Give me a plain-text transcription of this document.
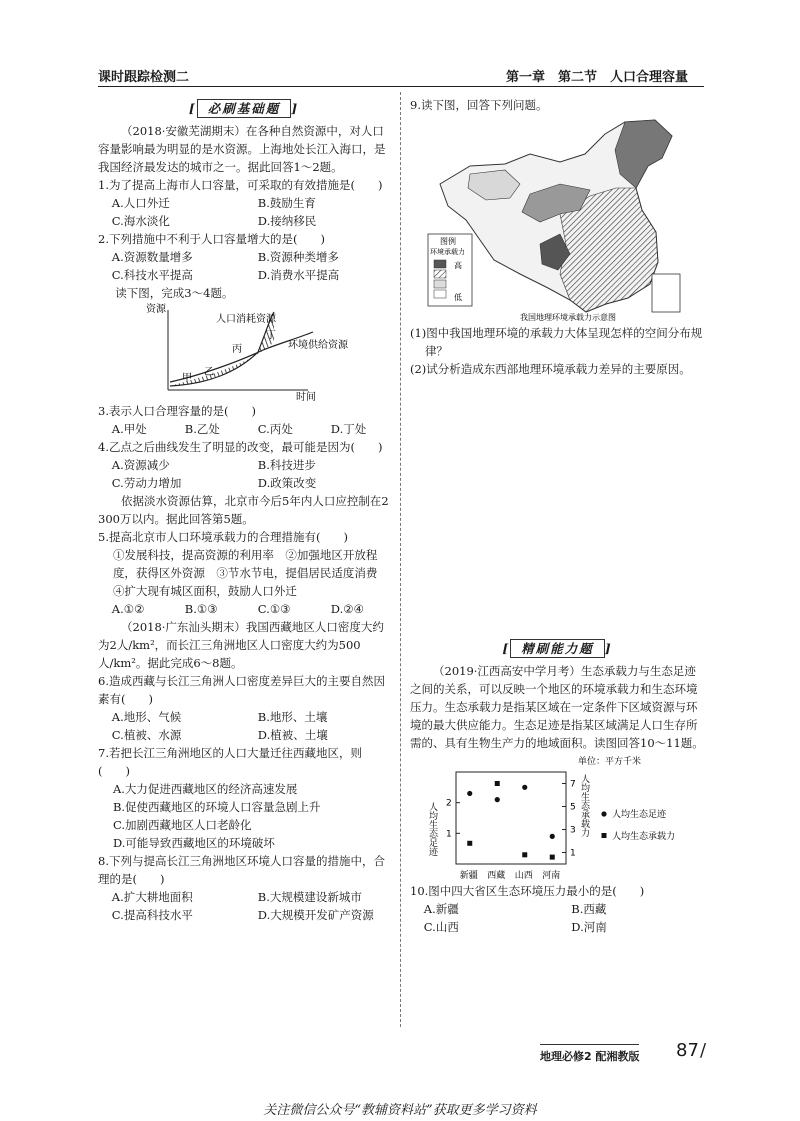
课时跟踪检测二	第一章　第二节　人口合理容量
[ 必刷基础题 ]
（2018·安徽芜湖期末）在各种自然资源中，对人口容量影响最为明显的是水资源。上海地处长江入海口，是我国经济最发达的城市之一。据此回答1～2题。
1.为了提高上海市人口容量，可采取的有效措施是(　　)
A.人口外迁	B.鼓励生育
C.海水淡化	D.接纳移民
2.下列措施中不利于人口容量增大的是(　　)
A.资源数量增多	B.资源种类增多
C.科技水平提高	D.消费水平提高
读下图，完成3～4题。
资源
时间
人口消耗资源
环境供给资源
甲
乙
丙
丁
3.表示人口合理容量的是(　　)
A.甲处	B.乙处	C.丙处	D.丁处
4.乙点之后曲线发生了明显的改变，最可能是因为(　　)
A.资源减少	B.科技进步
C.劳动力增加	D.政策改变
依据淡水资源估算，北京市今后5年内人口应控制在2 300万以内。据此回答第5题。
5.提高北京市人口环境承载力的合理措施有(　　)
①发展科技，提高资源的利用率　②加强地区开放程度，获得区外资源　③节水节电，提倡居民适度消费　④扩大现有城区面积，鼓励人口外迁
A.①②	B.①③	C.①③	D.②④
（2018·广东汕头期末）我国西藏地区人口密度大约为2人/km²，而长江三角洲地区人口密度大约为500人/km²。据此完成6～8题。
6.造成西藏与长江三角洲人口密度差异巨大的主要自然因素有(　　)
A.地形、气候	B.地形、土壤
C.植被、水源	D.植被、土壤
7.若把长江三角洲地区的人口大量迁往西藏地区，则(　　)
A.大力促进西藏地区的经济高速发展
B.促使西藏地区的环境人口容量急剧上升
C.加剧西藏地区人口老龄化
D.可能导致西藏地区的环境破坏
8.下列与提高长江三角洲地区环境人口容量的措施中，合理的是(　　)
A.扩大耕地面积	B.大规模建设新城市
C.提高科技水平	D.大规模开发矿产资源
9.读下图，回答下列问题。
图例
环境承载力
高
低
我国地理环境承载力示意图
(1)图中我国地理环境的承载力大体呈现怎样的空间分布规律？
(2)试分析造成东西部地理环境承载力差异的主要原因。
[ 精刷能力题 ]
（2019·江西高安中学月考）生态承载力与生态足迹之间的关系，可以反映一个地区的环境承载力和生态环境压力。生态承载力是指某区域在一定条件下区域资源与环境的最大供应能力。生态足迹是指某区域满足人口生存所需的、具有生物生产力的地域面积。读图回答10～11题。
单位：平方千米
人均生态足迹	人均生态承载力
1
2
1
3
5
7
新疆 西藏 山西 河南
人均生态足迹
人均生态承载力
10.图中四大省区生态环境压力最小的是(　　)
A.新疆	B.西藏
C.山西	D.河南
地理必修2 配湘教版 87 /
关注微信公众号“教辅资料站”获取更多学习资料
